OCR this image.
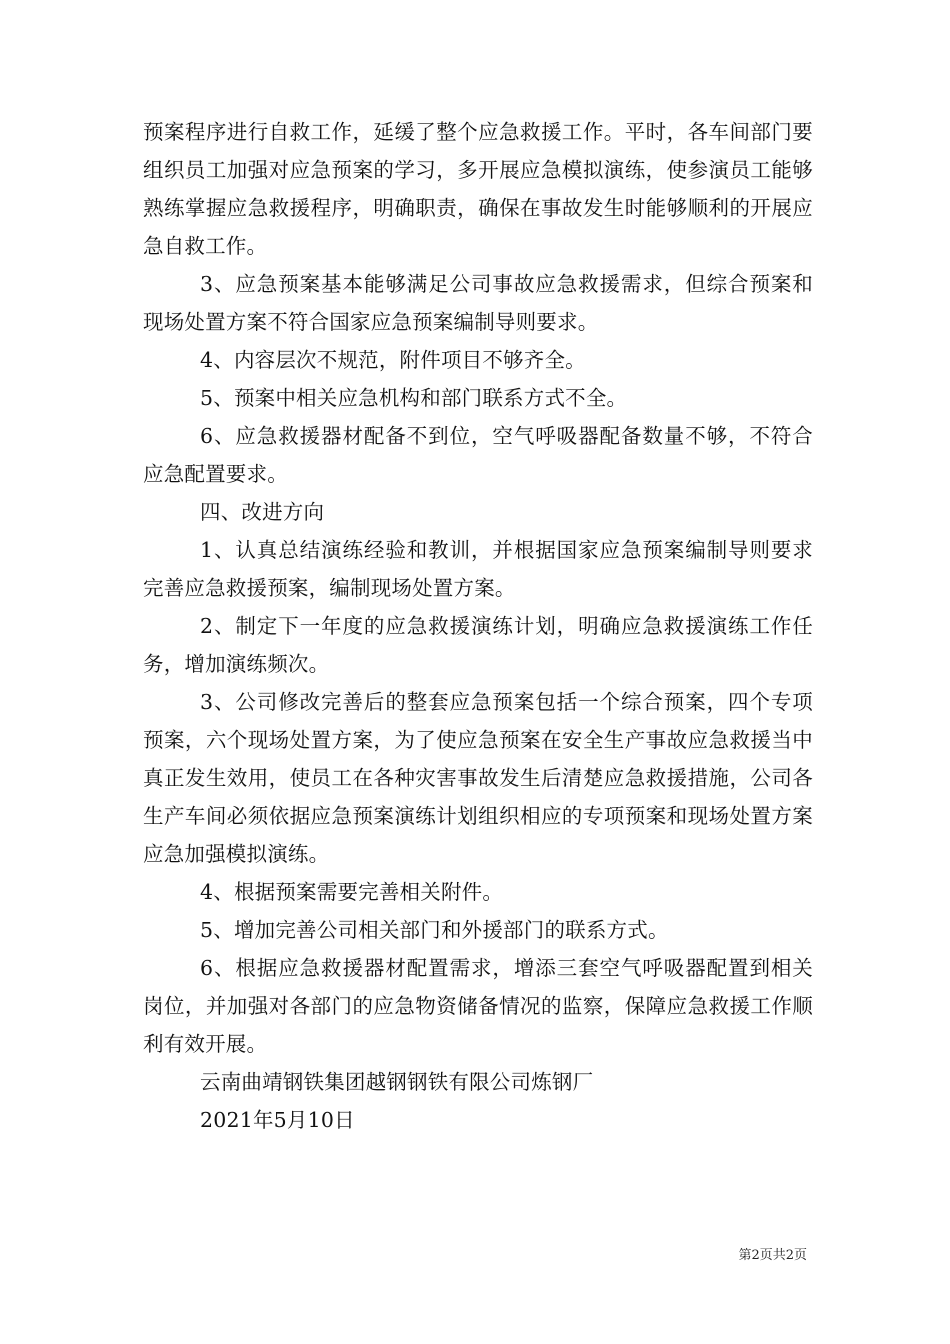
预案程序进行自救工作，延缓了整个应急救援工作。平时，各车间部门要组织员工加强对应急预案的学习，多开展应急模拟演练，使参演员工能够熟练掌握应急救援程序，明确职责，确保在事故发生时能够顺利的开展应急自救工作。

3、应急预案基本能够满足公司事故应急救援需求，但综合预案和现场处置方案不符合国家应急预案编制导则要求。

4、内容层次不规范，附件项目不够齐全。

5、预案中相关应急机构和部门联系方式不全。

6、应急救援器材配备不到位，空气呼吸器配备数量不够，不符合应急配置要求。

四、改进方向

1、认真总结演练经验和教训，并根据国家应急预案编制导则要求完善应急救援预案，编制现场处置方案。

2、制定下一年度的应急救援演练计划，明确应急救援演练工作任务，增加演练频次。

3、公司修改完善后的整套应急预案包括一个综合预案，四个专项预案，六个现场处置方案，为了使应急预案在安全生产事故应急救援当中真正发生效用，使员工在各种灾害事故发生后清楚应急救援措施，公司各生产车间必须依据应急预案演练计划组织相应的专项预案和现场处置方案应急加强模拟演练。

4、根据预案需要完善相关附件。

5、增加完善公司相关部门和外援部门的联系方式。

6、根据应急救援器材配置需求，增添三套空气呼吸器配置到相关岗位，并加强对各部门的应急物资储备情况的监察，保障应急救援工作顺利有效开展。

云南曲靖钢铁集团越钢钢铁有限公司炼钢厂

2021年5月10日

第2页共2页
